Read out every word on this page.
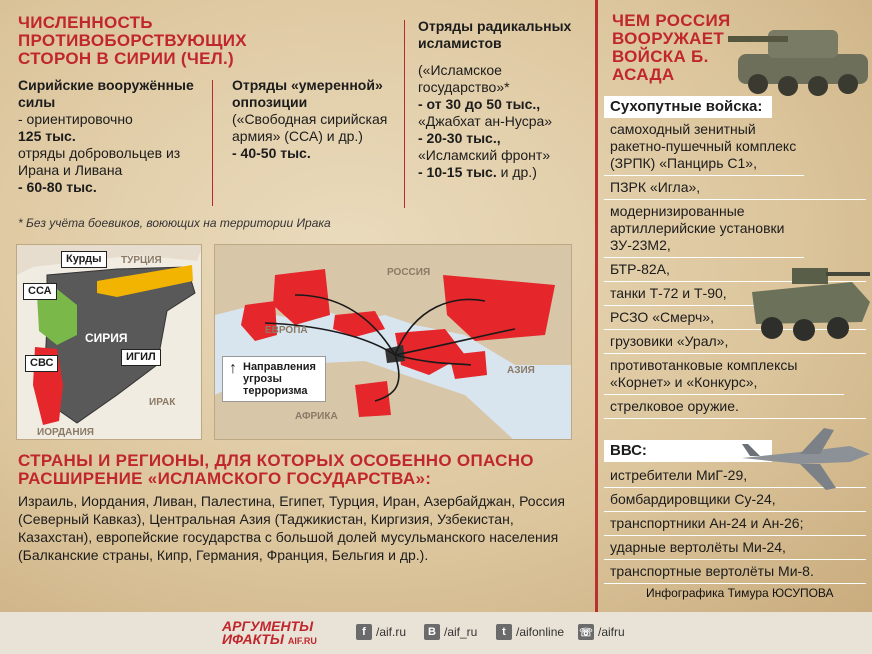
ЧИСЛЕННОСТЬ ПРОТИВОБОРСТВУЮЩИХ СТОРОН В СИРИИ (ЧЕЛ.)
Сирийские вооружённые силы
- ориентировочно
125 тыс.
отряды добровольцев из Ирана и Ливана
- 60-80 тыс.
Отряды «умеренной» оппозиции
(«Свободная сирийская армия» (ССА) и др.)
- 40-50 тыс.
Отряды радикальных исламистов
(«Исламское государство»*
- от 30 до 50 тыс.,
«Джабхат ан-Нусра»
- 20-30 тыс.,
«Исламский фронт»
- 10-15 тыс. и др.)
* Без учёта боевиков, воюющих на территории Ирака
ТУРЦИЯ
СИРИЯ
ИРАК
ИОРДАНИЯ
Курды
ССА
СВС	ИГИЛ
РОССИЯ
ЕВРОПА
АЗИЯ
АФРИКА
↑ Направления угрозы терроризма
СТРАНЫ И РЕГИОНЫ, ДЛЯ КОТОРЫХ ОСОБЕННО ОПАСНО РАСШИРЕНИЕ «ИСЛАМСКОГО ГОСУДАРСТВА»:
Израиль, Иордания, Ливан, Палестина, Египет, Турция, Иран, Азербайджан, Россия (Северный Кавказ), Центральная Азия (Таджикистан, Киргизия, Узбекистан, Казахстан), европейские государства с большой долей мусульманского населения (Балканские страны, Кипр, Германия, Франция, Бельгия и др.).
ЧЕМ РОССИЯ ВООРУЖАЕТ ВОЙСКА Б. АСАДА
Сухопутные войска:
самоходный зенитный ракетно-пушечный комплекс (ЗРПК) «Панцирь С1»,
ПЗРК «Игла»,
модернизированные артиллерийские установки ЗУ-23М2,
БТР-82А,
танки Т-72 и Т-90,
РСЗО «Смерч»,
грузовики «Урал»,
противотанковые комплексы «Корнет» и «Конкурс»,
стрелковое оружие.
ВВС:
истребители МиГ-29,
бомбардировщики Су-24,
транспортники Ан-24 и Ан-26;
ударные вертолёты Ми-24,
транспортные вертолёты Ми-8.
Инфографика Тимура ЮСУПОВА
АРГУМЕНТЫ
ИФАКТЫ AIF.RU
f /aif.ru	В /aif_ru	t /aifonline ☏ /aifru
